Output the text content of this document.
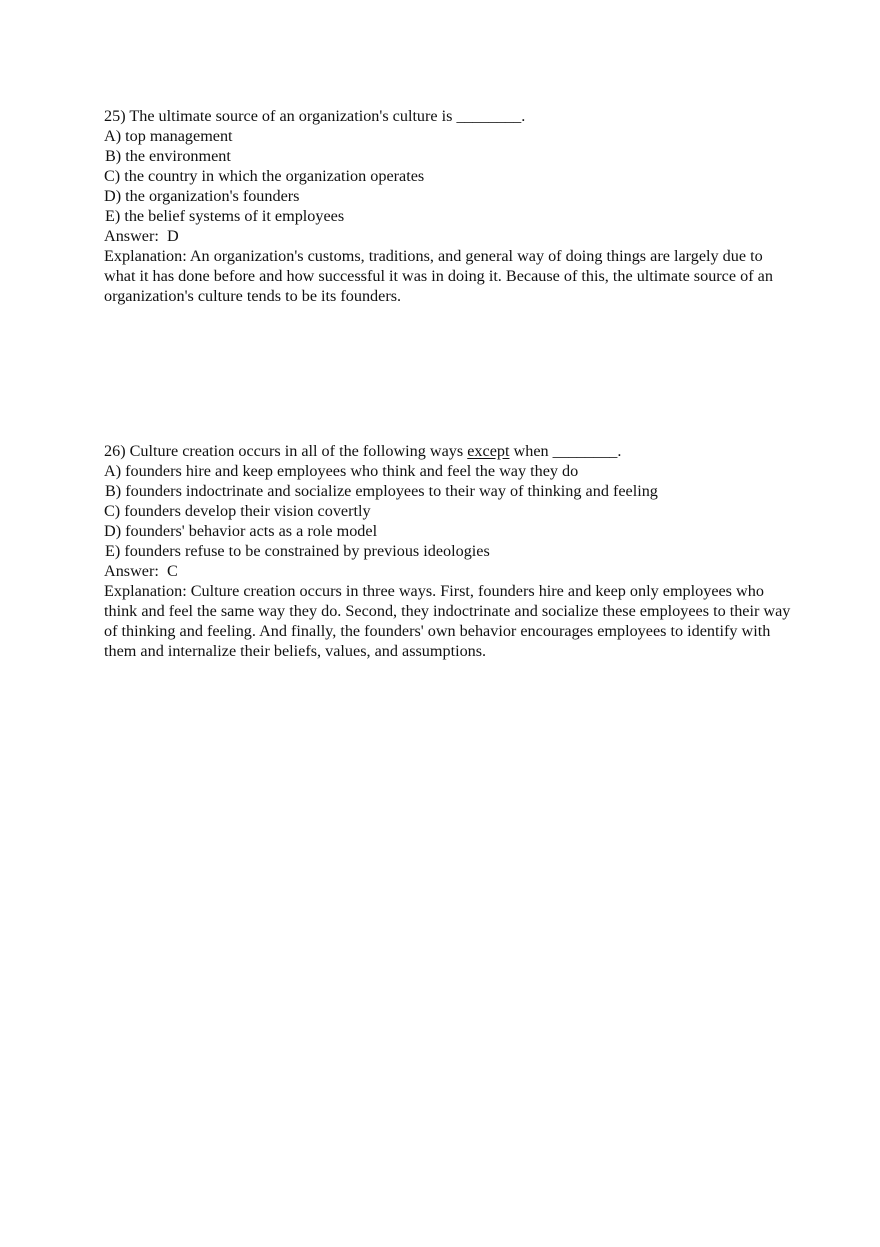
25) The ultimate source of an organization's culture is ________.

A) top management

B) the environment

C) the country in which the organization operates

D) the organization's founders

E) the belief systems of it employees

Answer:  D

Explanation: An organization's customs, traditions, and general way of doing things are largely due to what it has done before and how successful it was in doing it. Because of this, the ultimate source of an organization's culture tends to be its founders.

26) Culture creation occurs in all of the following ways except when ________.

A) founders hire and keep employees who think and feel the way they do

B) founders indoctrinate and socialize employees to their way of thinking and feeling

C) founders develop their vision covertly

D) founders' behavior acts as a role model

E) founders refuse to be constrained by previous ideologies

Answer:  C

Explanation: Culture creation occurs in three ways. First, founders hire and keep only employees who think and feel the same way they do. Second, they indoctrinate and socialize these employees to their way of thinking and feeling. And finally, the founders' own behavior encourages employees to identify with them and internalize their beliefs, values, and assumptions.
